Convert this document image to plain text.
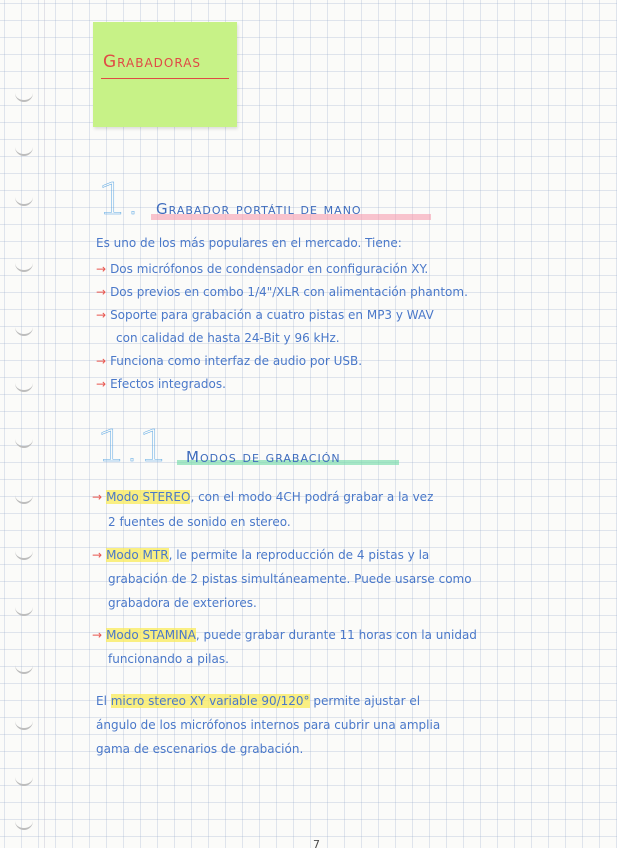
Grabadoras
1. Grabador portátil de mano
Es uno de los más populares en el mercado. Tiene:
→ Dos micrófonos de condensador en configuración XY.
→ Dos previos en combo 1/4"/XLR con alimentación phantom.
→ Soporte para grabación a cuatro pistas en MP3 y WAV
con calidad de hasta 24-Bit y 96 kHz.
→ Funciona como interfaz de audio por USB.
→ Efectos integrados.
1.1 Modos de grabación
→ Modo STEREO, con el modo 4CH podrá grabar a la vez
2 fuentes de sonido en stereo.
→ Modo MTR, le permite la reproducción de 4 pistas y la
grabación de 2 pistas simultáneamente. Puede usarse como
grabadora de exteriores.
→ Modo STAMINA, puede grabar durante 11 horas con la unidad
funcionando a pilas.
El micro stereo XY variable 90/120° permite ajustar el
ángulo de los micrófonos internos para cubrir una amplia
gama de escenarios de grabación.
7
